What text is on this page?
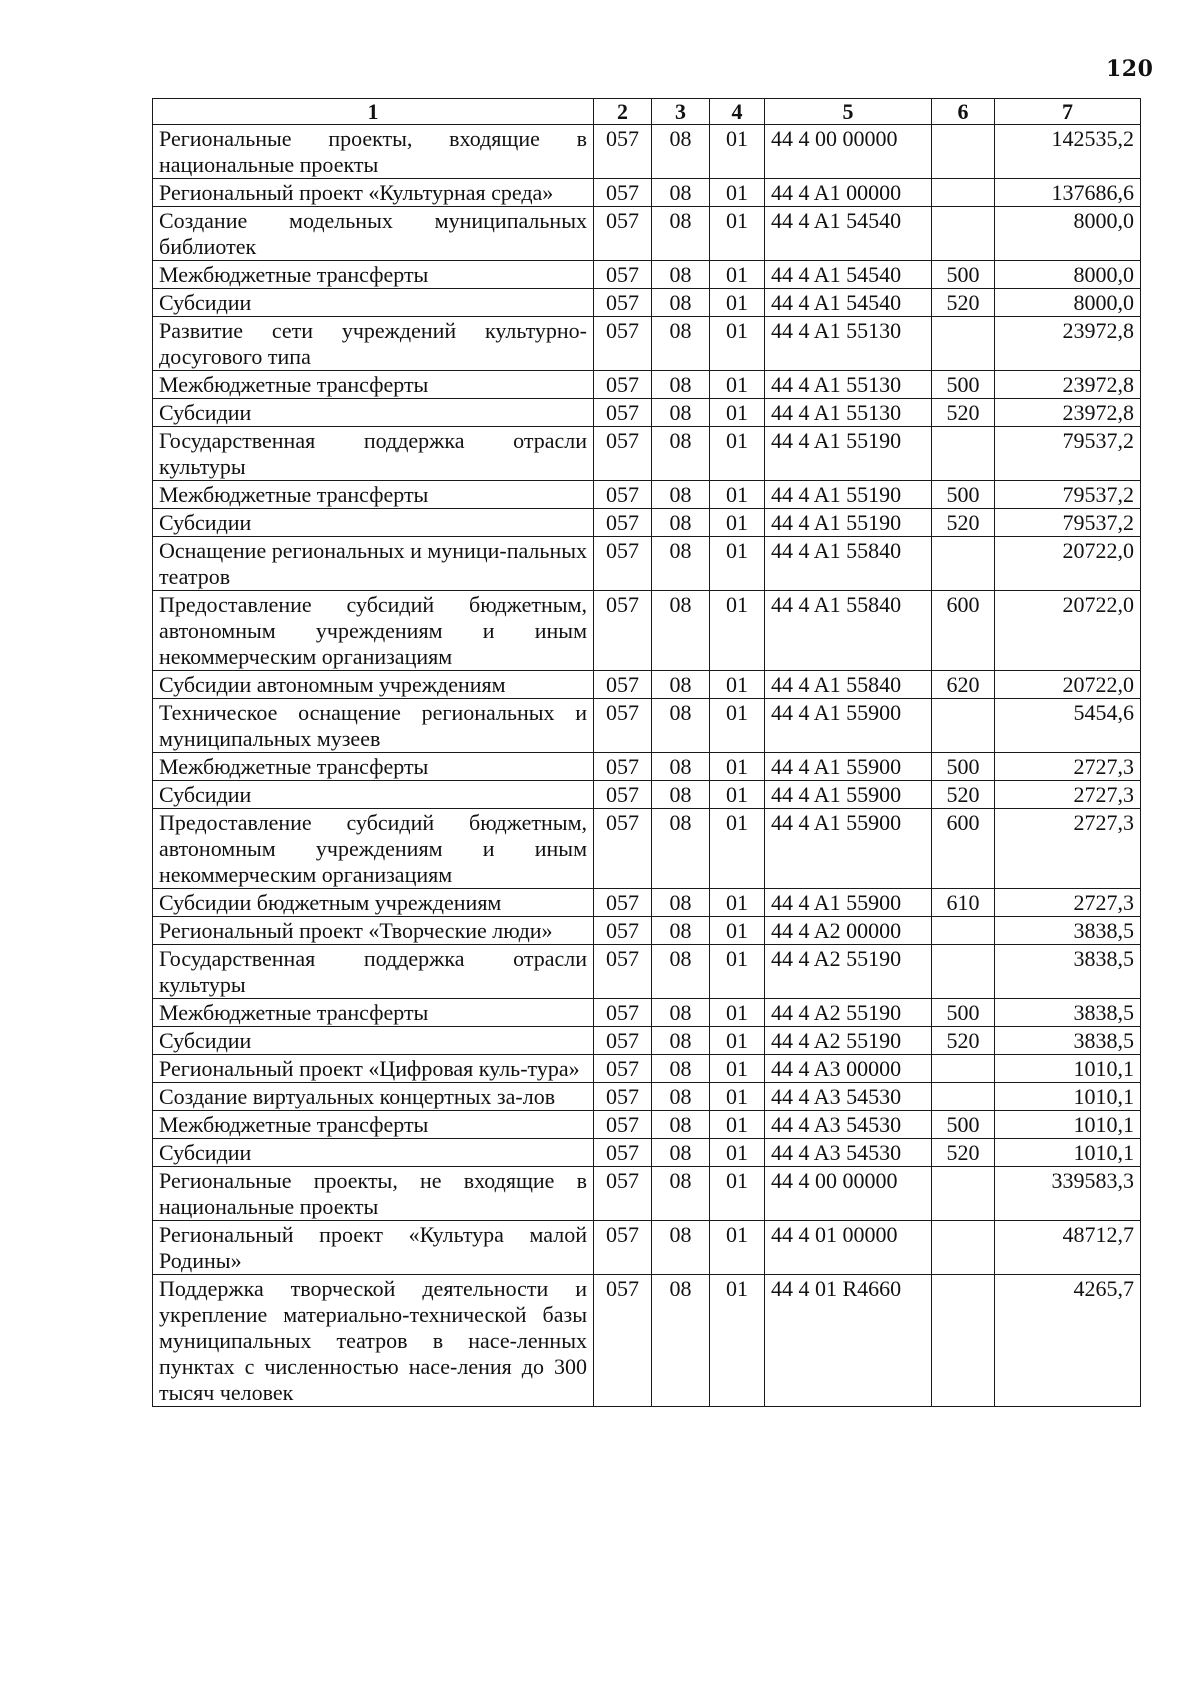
120
1	2	3	4	5	6	7
Региональные проекты, входящие в национальные проекты	057	08	01	44 4 00 00000		142535,2
Региональный проект «Культурная среда»	057	08	01	44 4 A1 00000		137686,6
Создание модельных муниципальных библиотек	057	08	01	44 4 A1 54540		8000,0
Межбюджетные трансферты	057	08	01	44 4 A1 54540	500	8000,0
Субсидии	057	08	01	44 4 A1 54540	520	8000,0
Развитие сети учреждений культурно-досугового типа	057	08	01	44 4 A1 55130		23972,8
Межбюджетные трансферты	057	08	01	44 4 A1 55130	500	23972,8
Субсидии	057	08	01	44 4 A1 55130	520	23972,8
Государственная поддержка отрасли культуры	057	08	01	44 4 A1 55190		79537,2
Межбюджетные трансферты	057	08	01	44 4 A1 55190	500	79537,2
Субсидии	057	08	01	44 4 A1 55190	520	79537,2
Оснащение региональных и муници-пальных театров	057	08	01	44 4 A1 55840		20722,0
Предоставление субсидий бюджетным, автономным учреждениям и иным некоммерческим организациям	057	08	01	44 4 A1 55840	600	20722,0
Субсидии автономным учреждениям	057	08	01	44 4 A1 55840	620	20722,0
Техническое оснащение региональных и муниципальных музеев	057	08	01	44 4 A1 55900		5454,6
Межбюджетные трансферты	057	08	01	44 4 A1 55900	500	2727,3
Субсидии	057	08	01	44 4 A1 55900	520	2727,3
Предоставление субсидий бюджетным, автономным учреждениям и иным некоммерческим организациям	057	08	01	44 4 A1 55900	600	2727,3
Субсидии бюджетным учреждениям	057	08	01	44 4 A1 55900	610	2727,3
Региональный проект «Творческие люди»	057	08	01	44 4 A2 00000		3838,5
Государственная поддержка отрасли культуры	057	08	01	44 4 A2 55190		3838,5
Межбюджетные трансферты	057	08	01	44 4 A2 55190	500	3838,5
Субсидии	057	08	01	44 4 A2 55190	520	3838,5
Региональный проект «Цифровая куль-тура»	057	08	01	44 4 A3 00000		1010,1
Создание виртуальных концертных за-лов	057	08	01	44 4 A3 54530		1010,1
Межбюджетные трансферты	057	08	01	44 4 A3 54530	500	1010,1
Субсидии	057	08	01	44 4 A3 54530	520	1010,1
Региональные проекты, не входящие в национальные проекты	057	08	01	44 4 00 00000		339583,3
Региональный проект «Культура малой Родины»	057	08	01	44 4 01 00000		48712,7
Поддержка творческой деятельности и укрепление материально-технической базы муниципальных театров в насе-ленных пунктах с численностью насе-ления до 300 тысяч человек	057	08	01	44 4 01 R4660		4265,7
